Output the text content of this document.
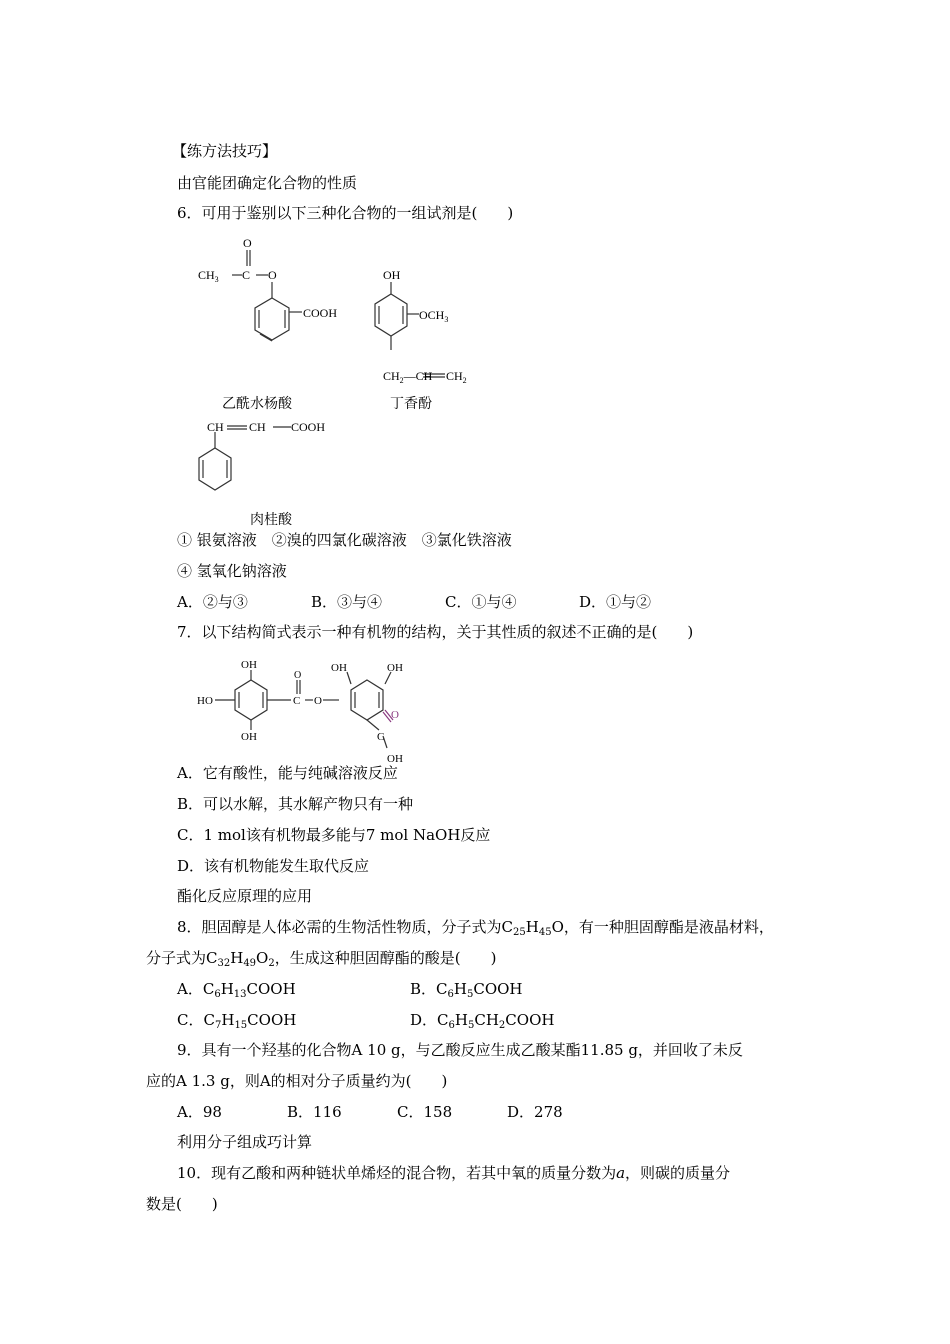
【练方法技巧】
由官能团确定化合物的性质
6．可用于鉴别以下三种化合物的一组试剂是(　　)
O
$CH_3$ C O
COOH
乙酰水杨酸
OH
$OCH_3$
$CH_2—CH$ $CH_2$
丁香酚
CH CH COOH
肉桂酸
① 银氨溶液　②溴的四氯化碳溶液　③氯化铁溶液
④ 氢氧化钠溶液
A．②与③	B．③与④	C．①与④	D．①与②
7．以下结构简式表示一种有机物的结构，关于其性质的叙述不正确的是(　　)
OH
HO
OH
O
C O
OH	OH
O
C
OH
A．它有酸性，能与纯碱溶液反应
B．可以水解，其水解产物只有一种
C．1 mol该有机物最多能与7 mol NaOH反应
D．该有机物能发生取代反应
酯化反应原理的应用
8．胆固醇是人体必需的生物活性物质，分子式为$C_{25}H_{45}O$，有一种胆固醇酯是液晶材料，
分子式为$C_{32}H_{49}O_2$，生成这种胆固醇酯的酸是(　　)
A．$C_6H_{13}COOH$	B．$C_6H_5COOH$
C．$C_7H_{15}COOH$	D．$C_6H_5CH_2COOH$
9．具有一个羟基的化合物A 10 g，与乙酸反应生成乙酸某酯11.85 g，并回收了未反
应的A 1.3 g，则A的相对分子质量约为(　　)
A．98	B．116	C．158	D．278
利用分子组成巧计算
10．现有乙酸和两种链状单烯烃的混合物，若其中氧的质量分数为a，则碳的质量分
数是(　　)
